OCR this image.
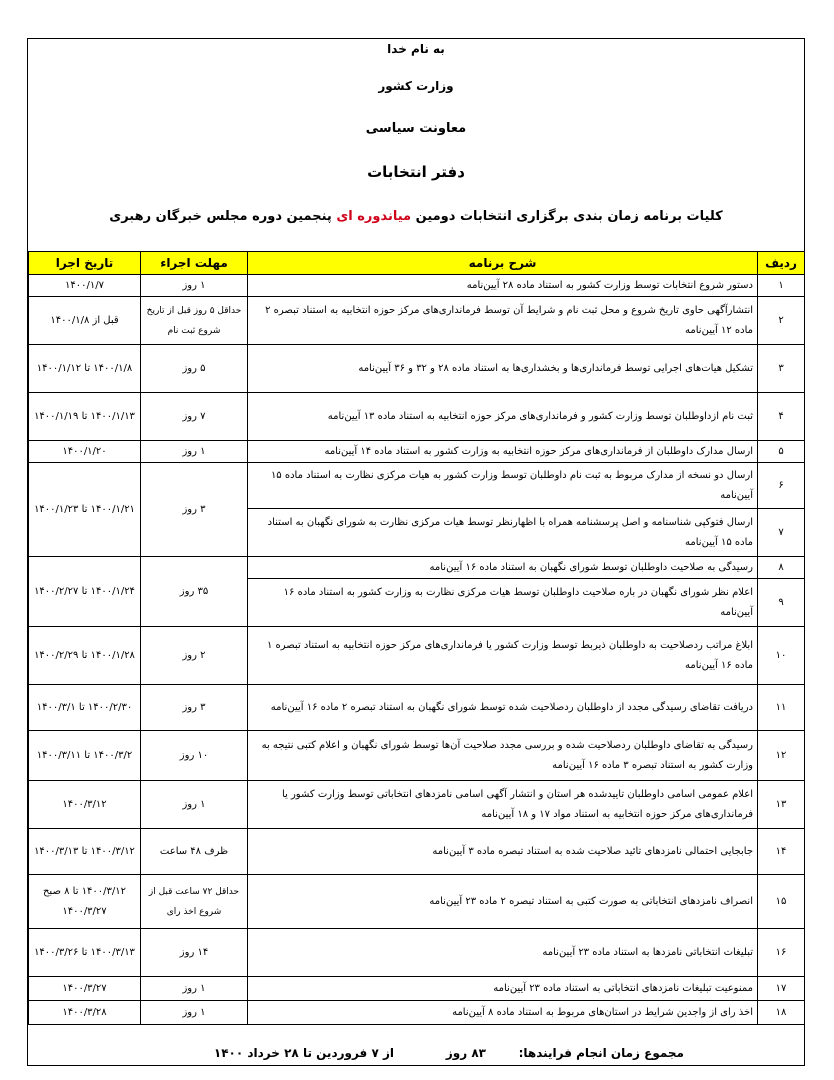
به نام خدا
وزارت کشور
معاونت سیاسی
دفتر انتخابات
کلیات برنامه زمان بندی برگزاری انتخابات دومین میاندوره ای پنجمین دوره مجلس خبرگان رهبری
ردیف	شرح برنامه	مهلت اجراء	تاریخ اجرا
۱	دستور شروع انتخابات توسط وزارت کشور به استناد ماده ۲۸ آیین‌نامه	۱ روز	۱۴۰۰/۱/۷
۲	انتشارآگهی حاوی تاریخ شروع و محل ثبت نام و شرایط آن توسط فرمانداری‌های مرکز حوزه انتخابیه به استناد تبصره ۲ ماده ۱۲ آیین‌نامه	حداقل ۵ روز قبل از تاریخ شروع ثبت نام	قبل از ۱۴۰۰/۱/۸
۳	تشکیل هیات‌های اجرایی توسط فرمانداری‌ها و بخشداری‌ها به استناد ماده ۲۸ و ۳۲ و ۳۶ آیین‌نامه	۵ روز	۱۴۰۰/۱/۸ تا ۱۴۰۰/۱/۱۲
۴	ثبت نام ازداوطلبان توسط وزارت کشور و فرمانداری‌های مرکز حوزه انتخابیه به استناد ماده ۱۳ آیین‌نامه	۷ روز	۱۴۰۰/۱/۱۳ تا ۱۴۰۰/۱/۱۹
۵	ارسال مدارک داوطلبان از فرمانداری‌های مرکز حوزه انتخابیه به وزارت کشور به استناد ماده ۱۴ آیین‌نامه	۱ روز	۱۴۰۰/۱/۲۰
۶	ارسال دو نسخه از مدارک مربوط به ثبت نام داوطلبان توسط وزارت کشور به هیات مرکزی نظارت به استناد ماده ۱۵ آیین‌نامه	۳ روز	۱۴۰۰/۱/۲۱ تا ۱۴۰۰/۱/۲۳
۷	ارسال فتوکپی شناسنامه و اصل پرسشنامه همراه با اظهارنظر توسط هیات مرکزی نظارت به شورای نگهبان به استناد ماده ۱۵ آیین‌نامه		
۸	رسیدگی به صلاحیت داوطلبان توسط شورای نگهبان به استناد ماده ۱۶ آیین‌نامه	۳۵ روز	۱۴۰۰/۱/۲۴ تا ۱۴۰۰/۲/۲۷
۹	اعلام نظر شورای نگهبان در باره صلاحیت داوطلبان توسط هیات مرکزی نظارت به وزارت کشور به استناد ماده ۱۶ آیین‌نامه		
۱۰	ابلاغ مراتب ردصلاحیت به داوطلبان ذیربط توسط وزارت کشور یا فرمانداری‌های مرکز حوزه انتخابیه به استناد تبصره ۱ ماده ۱۶ آیین‌نامه	۲ روز	۱۴۰۰/۱/۲۸ تا ۱۴۰۰/۲/۲۹
۱۱	دریافت تقاضای رسیدگی مجدد از داوطلبان ردصلاحیت شده توسط شورای نگهبان به استناد تبصره ۲ ماده ۱۶ آیین‌نامه	۳ روز	۱۴۰۰/۲/۳۰ تا ۱۴۰۰/۳/۱
۱۲	رسیدگی به تقاضای داوطلبان ردصلاحیت شده و بررسی مجدد صلاحیت آن‌ها توسط شورای نگهبان و اعلام کتبی نتیجه به وزارت کشور به استناد تبصره ۳ ماده ۱۶ آیین‌نامه	۱۰ روز	۱۴۰۰/۳/۲ تا ۱۴۰۰/۳/۱۱
۱۳	اعلام عمومی اسامی داوطلبان تاییدشده هر استان و انتشار آگهی اسامی نامزدهای انتخاباتی توسط وزارت کشور یا فرمانداری‌های مرکز حوزه انتخابیه به استناد مواد ۱۷ و ۱۸ آیین‌نامه	۱ روز	۱۴۰۰/۳/۱۲
۱۴	جابجایی احتمالی نامزدهای تائید صلاحیت شده به استناد تبصره ماده ۳ آیین‌نامه	ظرف ۴۸ ساعت	۱۴۰۰/۳/۱۲ تا ۱۴۰۰/۳/۱۳
۱۵	انصراف نامزدهای انتخاباتی به صورت کتبی به استناد تبصره ۲ ماده ۲۳ آیین‌نامه	حداقل ۷۲ ساعت قبل از شروع اخذ رای	۱۴۰۰/۳/۱۲ تا ۸ صبح ۱۴۰۰/۳/۲۷
۱۶	تبلیغات انتخاباتی نامزدها به استناد ماده ۲۳ آیین‌نامه	۱۴ روز	۱۴۰۰/۳/۱۳ تا ۱۴۰۰/۳/۲۶
۱۷	ممنوعیت تبلیغات نامزدهای انتخاباتی به استناد ماده ۲۳ آیین‌نامه	۱ روز	۱۴۰۰/۳/۲۷
۱۸	اخذ رای از واجدین شرایط در استان‌های مربوط به استناد ماده ۸ آیین‌نامه	۱ روز	۱۴۰۰/۳/۲۸
مجموع زمان انجام فرایندها:
۸۳ روز
از ۷ فروردین تا ۲۸ خرداد ۱۴۰۰
